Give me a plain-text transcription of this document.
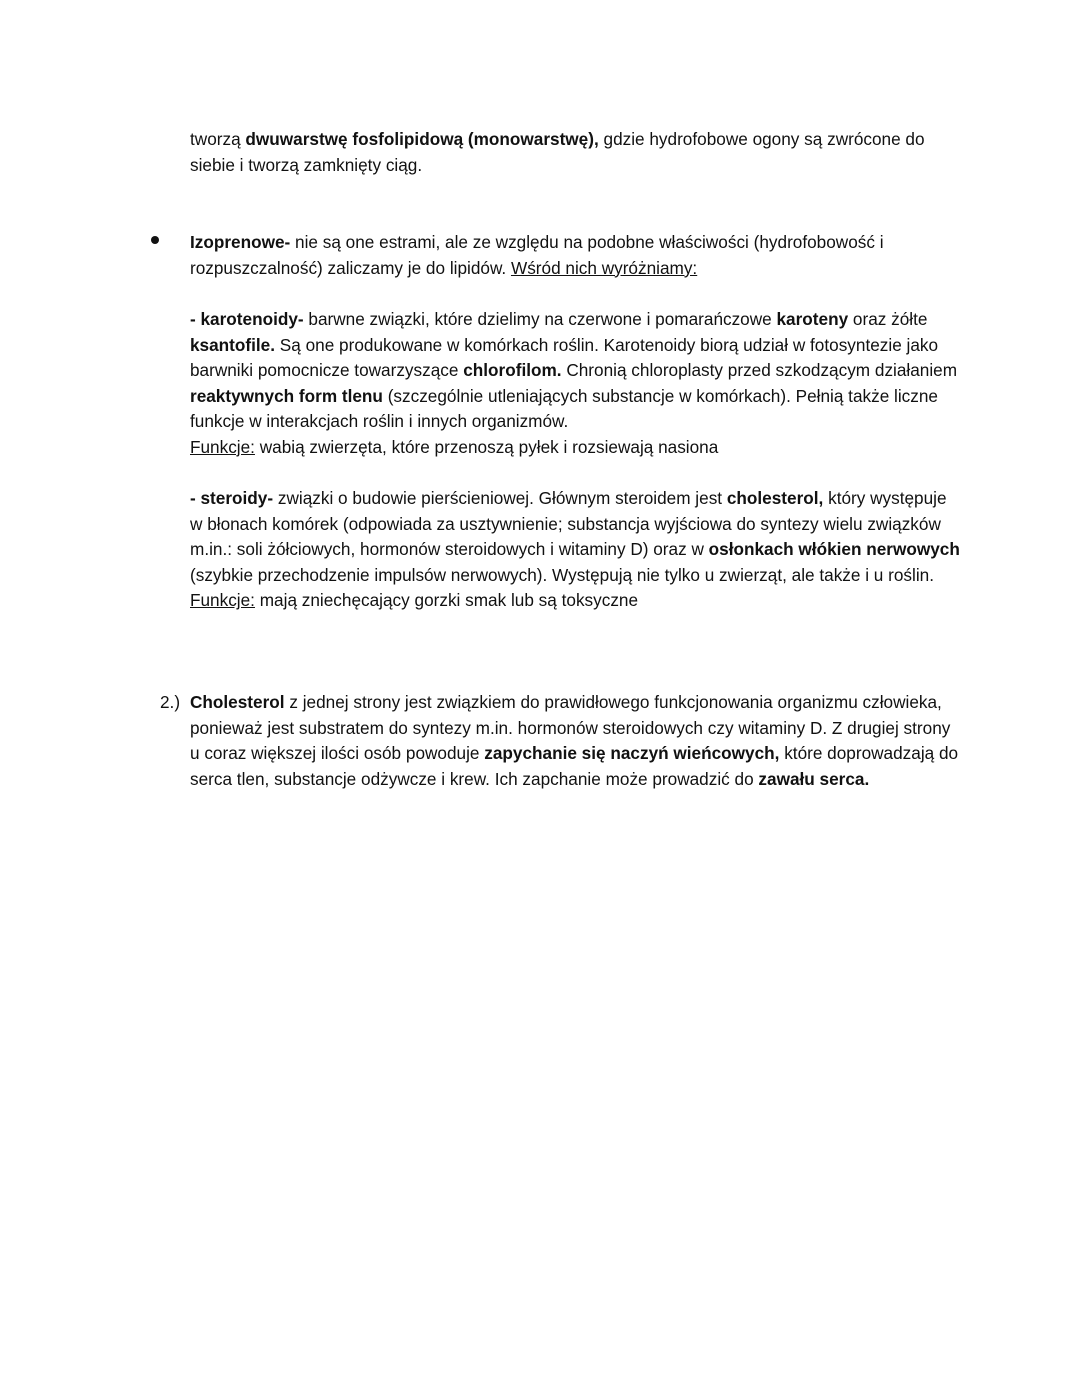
tworzą dwuwarstwę fosfolipidową (monowarstwę), gdzie hydrofobowe ogony są zwrócone do siebie i tworzą zamknięty ciąg.

Izoprenowe- nie są one estrami, ale ze względu na podobne właściwości (hydrofobowość i rozpuszczalność) zaliczamy je do lipidów. Wśród nich wyróżniamy:

- karotenoidy- barwne związki, które dzielimy na czerwone i pomarańczowe karoteny oraz żółte ksantofile. Są one produkowane w komórkach roślin. Karotenoidy biorą udział w fotosyntezie jako barwniki pomocnicze towarzyszące chlorofilom. Chronią chloroplasty przed szkodzącym działaniem reaktywnych form tlenu (szczególnie utleniających substancje w komórkach). Pełnią także liczne funkcje w interakcjach roślin i innych organizmów.

Funkcje: wabią zwierzęta, które przenoszą pyłek i rozsiewają nasiona

- steroidy- związki o budowie pierścieniowej. Głównym steroidem jest cholesterol, który występuje w błonach komórek (odpowiada za usztywnienie; substancja wyjściowa do syntezy wielu związków m.in.: soli żółciowych, hormonów steroidowych i witaminy D) oraz w osłonkach włókien nerwowych (szybkie przechodzenie impulsów nerwowych). Występują nie tylko u zwierząt, ale także i u roślin.

Funkcje: mają zniechęcający gorzki smak lub są toksyczne

2.) Cholesterol z jednej strony jest związkiem do prawidłowego funkcjonowania organizmu człowieka, ponieważ jest substratem do syntezy m.in. hormonów steroidowych czy witaminy D. Z drugiej strony u coraz większej ilości osób powoduje zapychanie się naczyń wieńcowych, które doprowadzają do serca tlen, substancje odżywcze i krew. Ich zapchanie może prowadzić do zawału serca.
